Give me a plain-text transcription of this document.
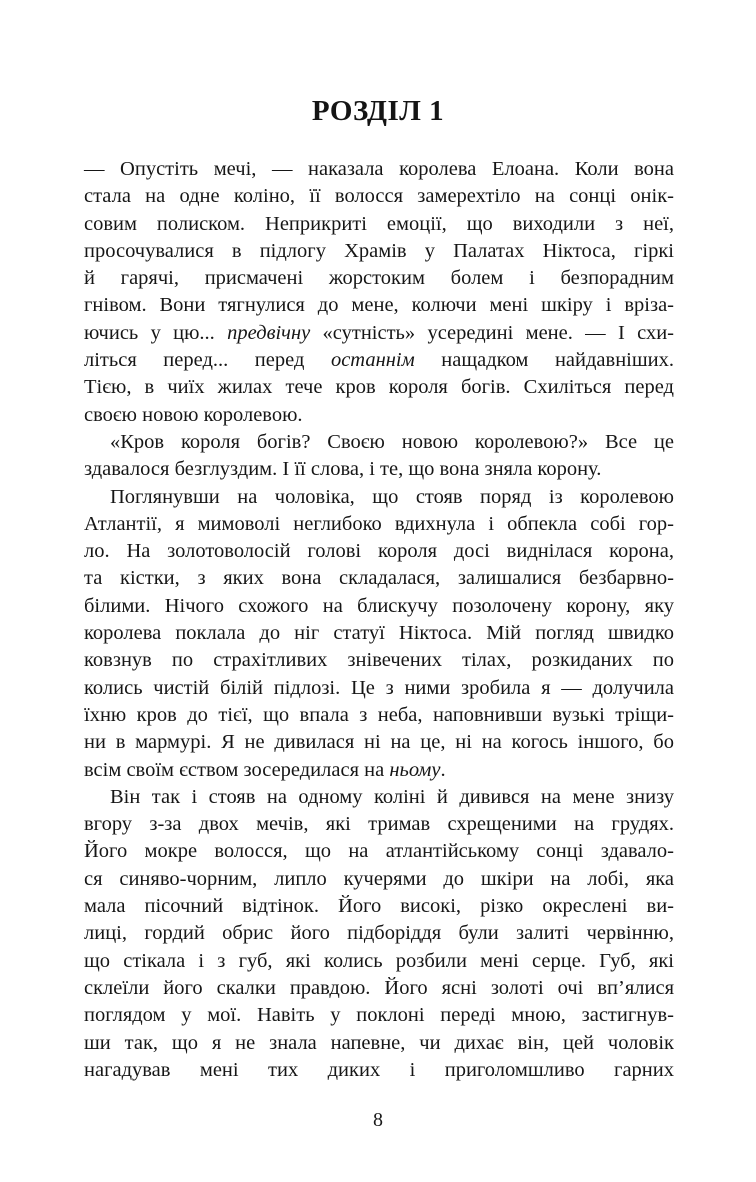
РОЗДІЛ 1
— Опустіть мечі, — наказала королева Елоана. Коли вона
стала на одне коліно, її волосся замерехтіло на сонці онік-
совим полиском. Неприкриті емоції, що виходили з неї,
просочувалися в підлогу Храмів у Палатах Ніктоса, гіркі
й гарячі, присмачені жорстоким болем і безпорадним
гнівом. Вони тягнулися до мене, колючи мені шкіру і вріза-
ючись у цю... предвічну «сутність» усередині мене. — І схи-
літься перед... перед останнім нащадком найдавніших.
Тією, в чиїх жилах тече кров короля богів. Схиліться перед
своєю новою королевою.
«Кров короля богів? Своєю новою королевою?» Все це
здавалося безглуздим. І її слова, і те, що вона зняла корону.
Поглянувши на чоловіка, що стояв поряд із королевою
Атлантії, я мимоволі неглибоко вдихнула і обпекла собі гор-
ло. На золотоволосій голові короля досі виднілася корона,
та кістки, з яких вона складалася, залишалися безбарвно-
білими. Нічого схожого на блискучу позолочену корону, яку
королева поклала до ніг статуї Ніктоса. Мій погляд швидко
ковзнув по страхітливих знівечених тілах, розкиданих по
колись чистій білій підлозі. Це з ними зробила я — долучила
їхню кров до тієї, що впала з неба, наповнивши вузькі тріщи-
ни в мармурі. Я не дивилася ні на це, ні на когось іншого, бо
всім своїм єством зосередилася на ньому.
Він так і стояв на одному коліні й дивився на мене знизу
вгору з-за двох мечів, які тримав схрещеними на грудях.
Його мокре волосся, що на атлантійському сонці здавало-
ся синяво-чорним, липло кучерями до шкіри на лобі, яка
мала пісочний відтінок. Його високі, різко окреслені ви-
лиці, гордий обрис його підборіддя були залиті червінню,
що стікала і з губ, які колись розбили мені серце. Губ, які
склеїли його скалки правдою. Його ясні золоті очі вп’ялися
поглядом у мої. Навіть у поклоні переді мною, застигнув-
ши так, що я не знала напевне, чи дихає він, цей чоловік
нагадував мені тих диких і приголомшливо гарних
8
